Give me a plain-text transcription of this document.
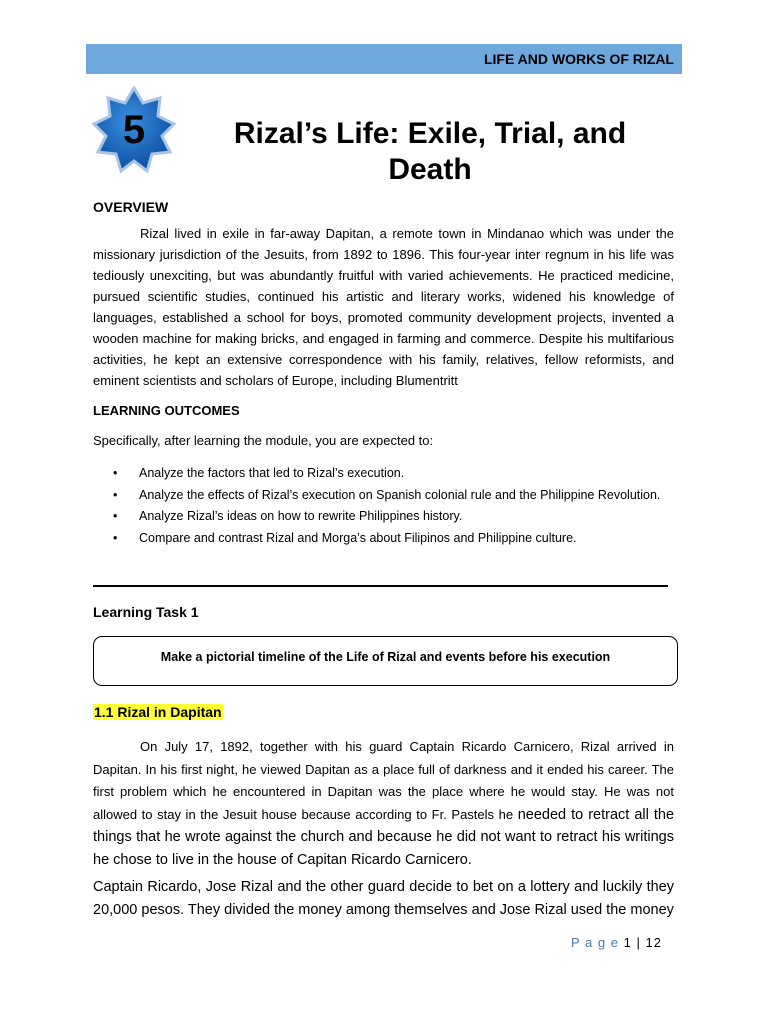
LIFE AND WORKS OF RIZAL
5	Rizal’s Life: Exile, Trial, and
Death
OVERVIEW

Rizal lived in exile in far-away Dapitan, a remote town in Mindanao which was under the missionary jurisdiction of the Jesuits, from 1892 to 1896. This four-year inter regnum in his life was tediously unexciting, but was abundantly fruitful with varied achievements. He practiced medicine, pursued scientific studies, continued his artistic and literary works, widened his knowledge of languages, established a school for boys, promoted community development projects, invented a wooden machine for making bricks, and engaged in farming and commerce. Despite his multifarious activities, he kept an extensive correspondence with his family, relatives, fellow reformists, and eminent scientists and scholars of Europe, including Blumentritt

LEARNING OUTCOMES
Specifically, after learning the module, you are expected to:
• Analyze the factors that led to Rizal’s execution.
• Analyze the effects of Rizal’s execution on Spanish colonial rule and the Philippine Revolution.
• Analyze Rizal’s ideas on how to rewrite Philippines history.
• Compare and contrast Rizal and Morga’s about Filipinos and Philippine culture.
Learning Task 1
Make a pictorial timeline of the Life of Rizal and events before his execution
1.1 Rizal in Dapitan

On July 17, 1892, together with his guard Captain Ricardo Carnicero, Rizal arrived in Dapitan. In his first night, he viewed Dapitan as a place full of darkness and it ended his career. The first problem which he encountered in Dapitan was the place where he would stay. He was not allowed to stay in the Jesuit house because according to Fr. Pastels he needed to retract all the things that he wrote against the church and because he did not want to retract his writings he chose to live in the house of Capitan Ricardo Carnicero.

Captain Ricardo, Jose Rizal and the other guard decide to bet on a lottery and luckily they 20,000 pesos. They divided the money among themselves and Jose Rizal used the money

P a g e 1 | 12
